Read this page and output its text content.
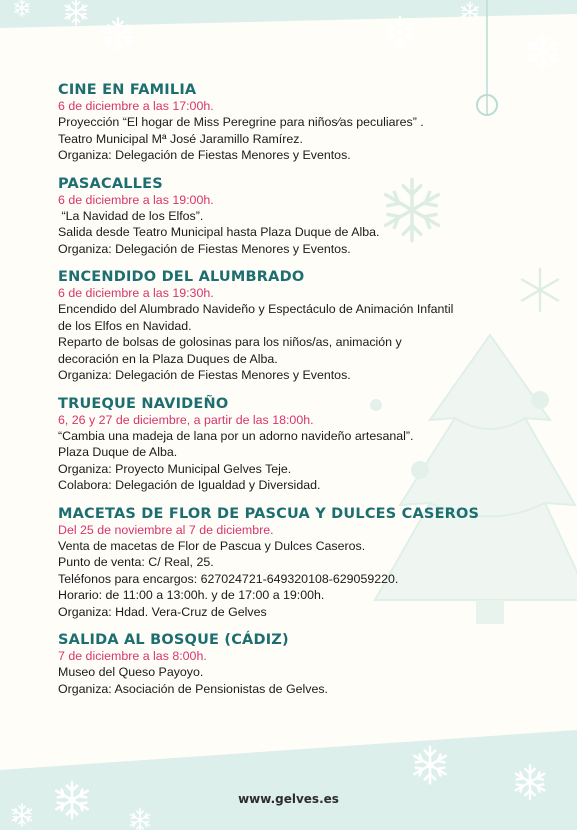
CINE EN FAMILIA

6 de diciembre a las 17:00h.

Proyección “El hogar de Miss Peregrine para niños⁄as peculiares” .

Teatro Municipal Mª José Jaramillo Ramírez.

Organiza: Delegación de Fiestas Menores y Eventos.

PASACALLES

6 de diciembre a las 19:00h.

“La Navidad de los Elfos”.

Salida desde Teatro Municipal hasta Plaza Duque de Alba.

Organiza: Delegación de Fiestas Menores y Eventos.

ENCENDIDO DEL ALUMBRADO

6 de diciembre a las 19:30h.

Encendido del Alumbrado Navideño y Espectáculo de Animación Infantil

de los Elfos en Navidad.

Reparto de bolsas de golosinas para los niños/as, animación y

decoración en la Plaza Duques de Alba.

Organiza: Delegación de Fiestas Menores y Eventos.

TRUEQUE NAVIDEÑO

6, 26 y 27 de diciembre, a partir de las 18:00h.

“Cambia una madeja de lana por un adorno navideño artesanal”.

Plaza Duque de Alba.

Organiza: Proyecto Municipal Gelves Teje.

Colabora: Delegación de Igualdad y Diversidad.

MACETAS DE FLOR DE PASCUA Y DULCES CASEROS

Del 25 de noviembre al 7 de diciembre.

Venta de macetas de Flor de Pascua y Dulces Caseros.

Punto de venta: C/ Real, 25.

Teléfonos para encargos: 627024721-649320108-629059220.

Horario: de 11:00 a 13:00h. y de 17:00 a 19:00h.

Organiza: Hdad. Vera-Cruz de Gelves

SALIDA AL BOSQUE (CÁDIZ)

7 de diciembre a las 8:00h.

Museo del Queso Payoyo.

Organiza: Asociación de Pensionistas de Gelves.

www.gelves.es
